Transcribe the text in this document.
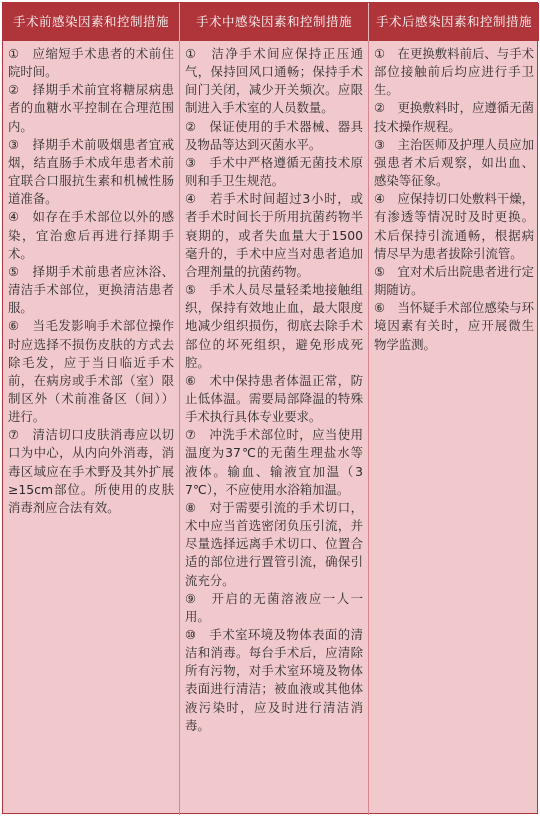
手术前感染因素和控制措施	手术中感染因素和控制措施	手术后感染因素和控制措施

①　应缩短手术患者的术前住院时间。

②　择期手术前宜将糖尿病患者的血糖水平控制在合理范围内。

③　择期手术前吸烟患者宜戒烟，结直肠手术成年患者术前宜联合口服抗生素和机械性肠道准备。

④　如存在手术部位以外的感染，宜治愈后再进行择期手术。

⑤　择期手术前患者应沐浴、清洁手术部位，更换清洁患者服。

⑥　当毛发影响手术部位操作时应选择不损伤皮肤的方式去除毛发，应于当日临近手术前，在病房或手术部（室）限制区外（术前准备区（间））进行。

⑦　清洁切口皮肤消毒应以切口为中心，从内向外消毒，消毒区域应在手术野及其外扩展≥15cm部位。所使用的皮肤消毒剂应合法有效。

①　洁净手术间应保持正压通气，保持回风口通畅；保持手术间门关闭，减少开关频次。应限制进入手术室的人员数量。

②　保证使用的手术器械、器具及物品等达到灭菌水平。

③　手术中严格遵循无菌技术原则和手卫生规范。

④　若手术时间超过3小时，或者手术时间长于所用抗菌药物半衰期的，或者失血量大于1500毫升的，手术中应当对患者追加合理剂量的抗菌药物。

⑤　手术人员尽量轻柔地接触组织，保持有效地止血，最大限度地减少组织损伤，彻底去除手术部位的坏死组织，避免形成死腔。

⑥　术中保持患者体温正常，防止低体温。需要局部降温的特殊手术执行具体专业要求。

⑦　冲洗手术部位时，应当使用温度为37℃的无菌生理盐水等液体。输血、输液宜加温（37℃），不应使用水浴箱加温。

⑧　对于需要引流的手术切口，术中应当首选密闭负压引流，并尽量选择远离手术切口、位置合适的部位进行置管引流，确保引流充分。

⑨　开启的无菌溶液应一人一用。

⑩　手术室环境及物体表面的清洁和消毒。每台手术后，应清除所有污物，对手术室环境及物体表面进行清洁；被血液或其他体液污染时，应及时进行清洁消毒。

①　在更换敷料前后、与手术部位接触前后均应进行手卫生。

②　更换敷料时，应遵循无菌技术操作规程。

③　主治医师及护理人员应加强患者术后观察，如出血、感染等征象。

④　应保持切口处敷料干燥，有渗透等情况时及时更换。术后保持引流通畅，根据病情尽早为患者拔除引流管。

⑤　宜对术后出院患者进行定期随访。

⑥　当怀疑手术部位感染与环境因素有关时，应开展微生物学监测。
